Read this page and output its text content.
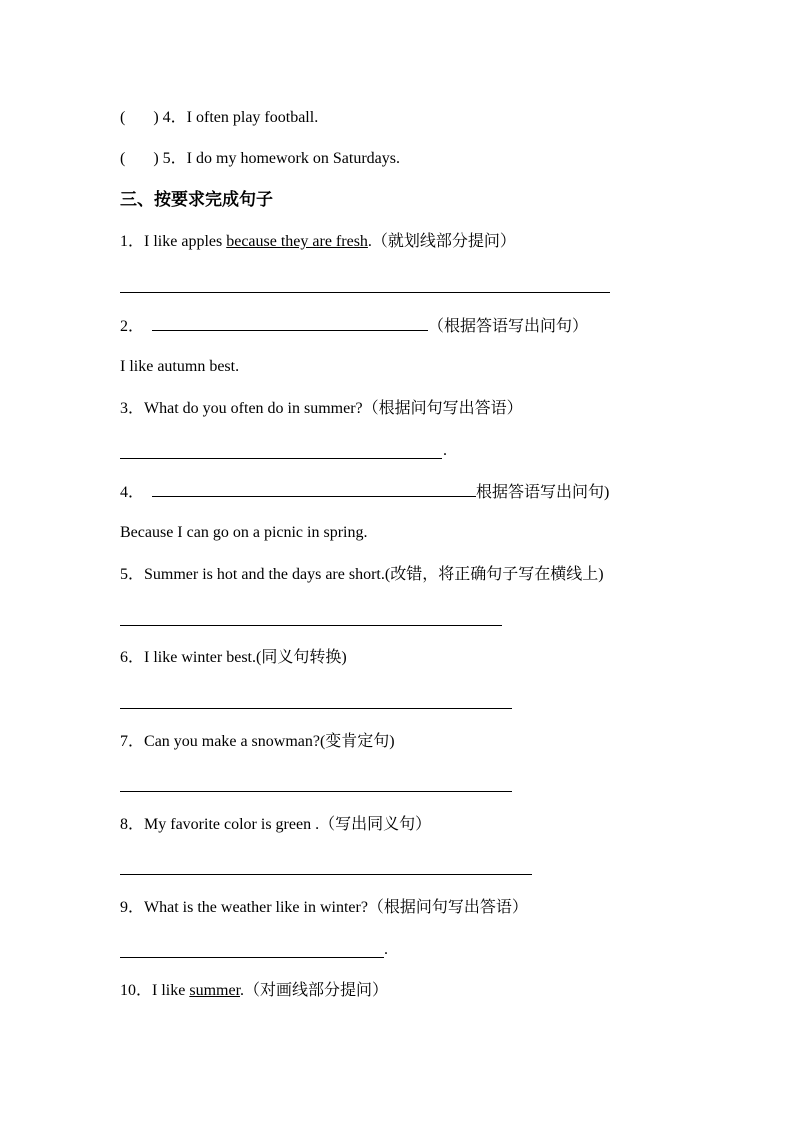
( ) 4．I often play football.
( ) 5．I do my homework on Saturdays.
三、按要求完成句子
1．I like apples because they are fresh.（就划线部分提问）
2．	（根据答语写出问句）
I like autumn best.
3．What do you often do in summer?（根据问句写出答语）
.
4．	根据答语写出问句)
Because I can go on a picnic in spring.
5．Summer is hot and the days are short.(改错，将正确句子写在横线上)
6．I like winter best.(同义句转换)
7．Can you make a snowman?(变肯定句)
8．My favorite color is green .（写出同义句）
9．What is the weather like in winter?（根据问句写出答语）
.
10．I like summer.（对画线部分提问）
